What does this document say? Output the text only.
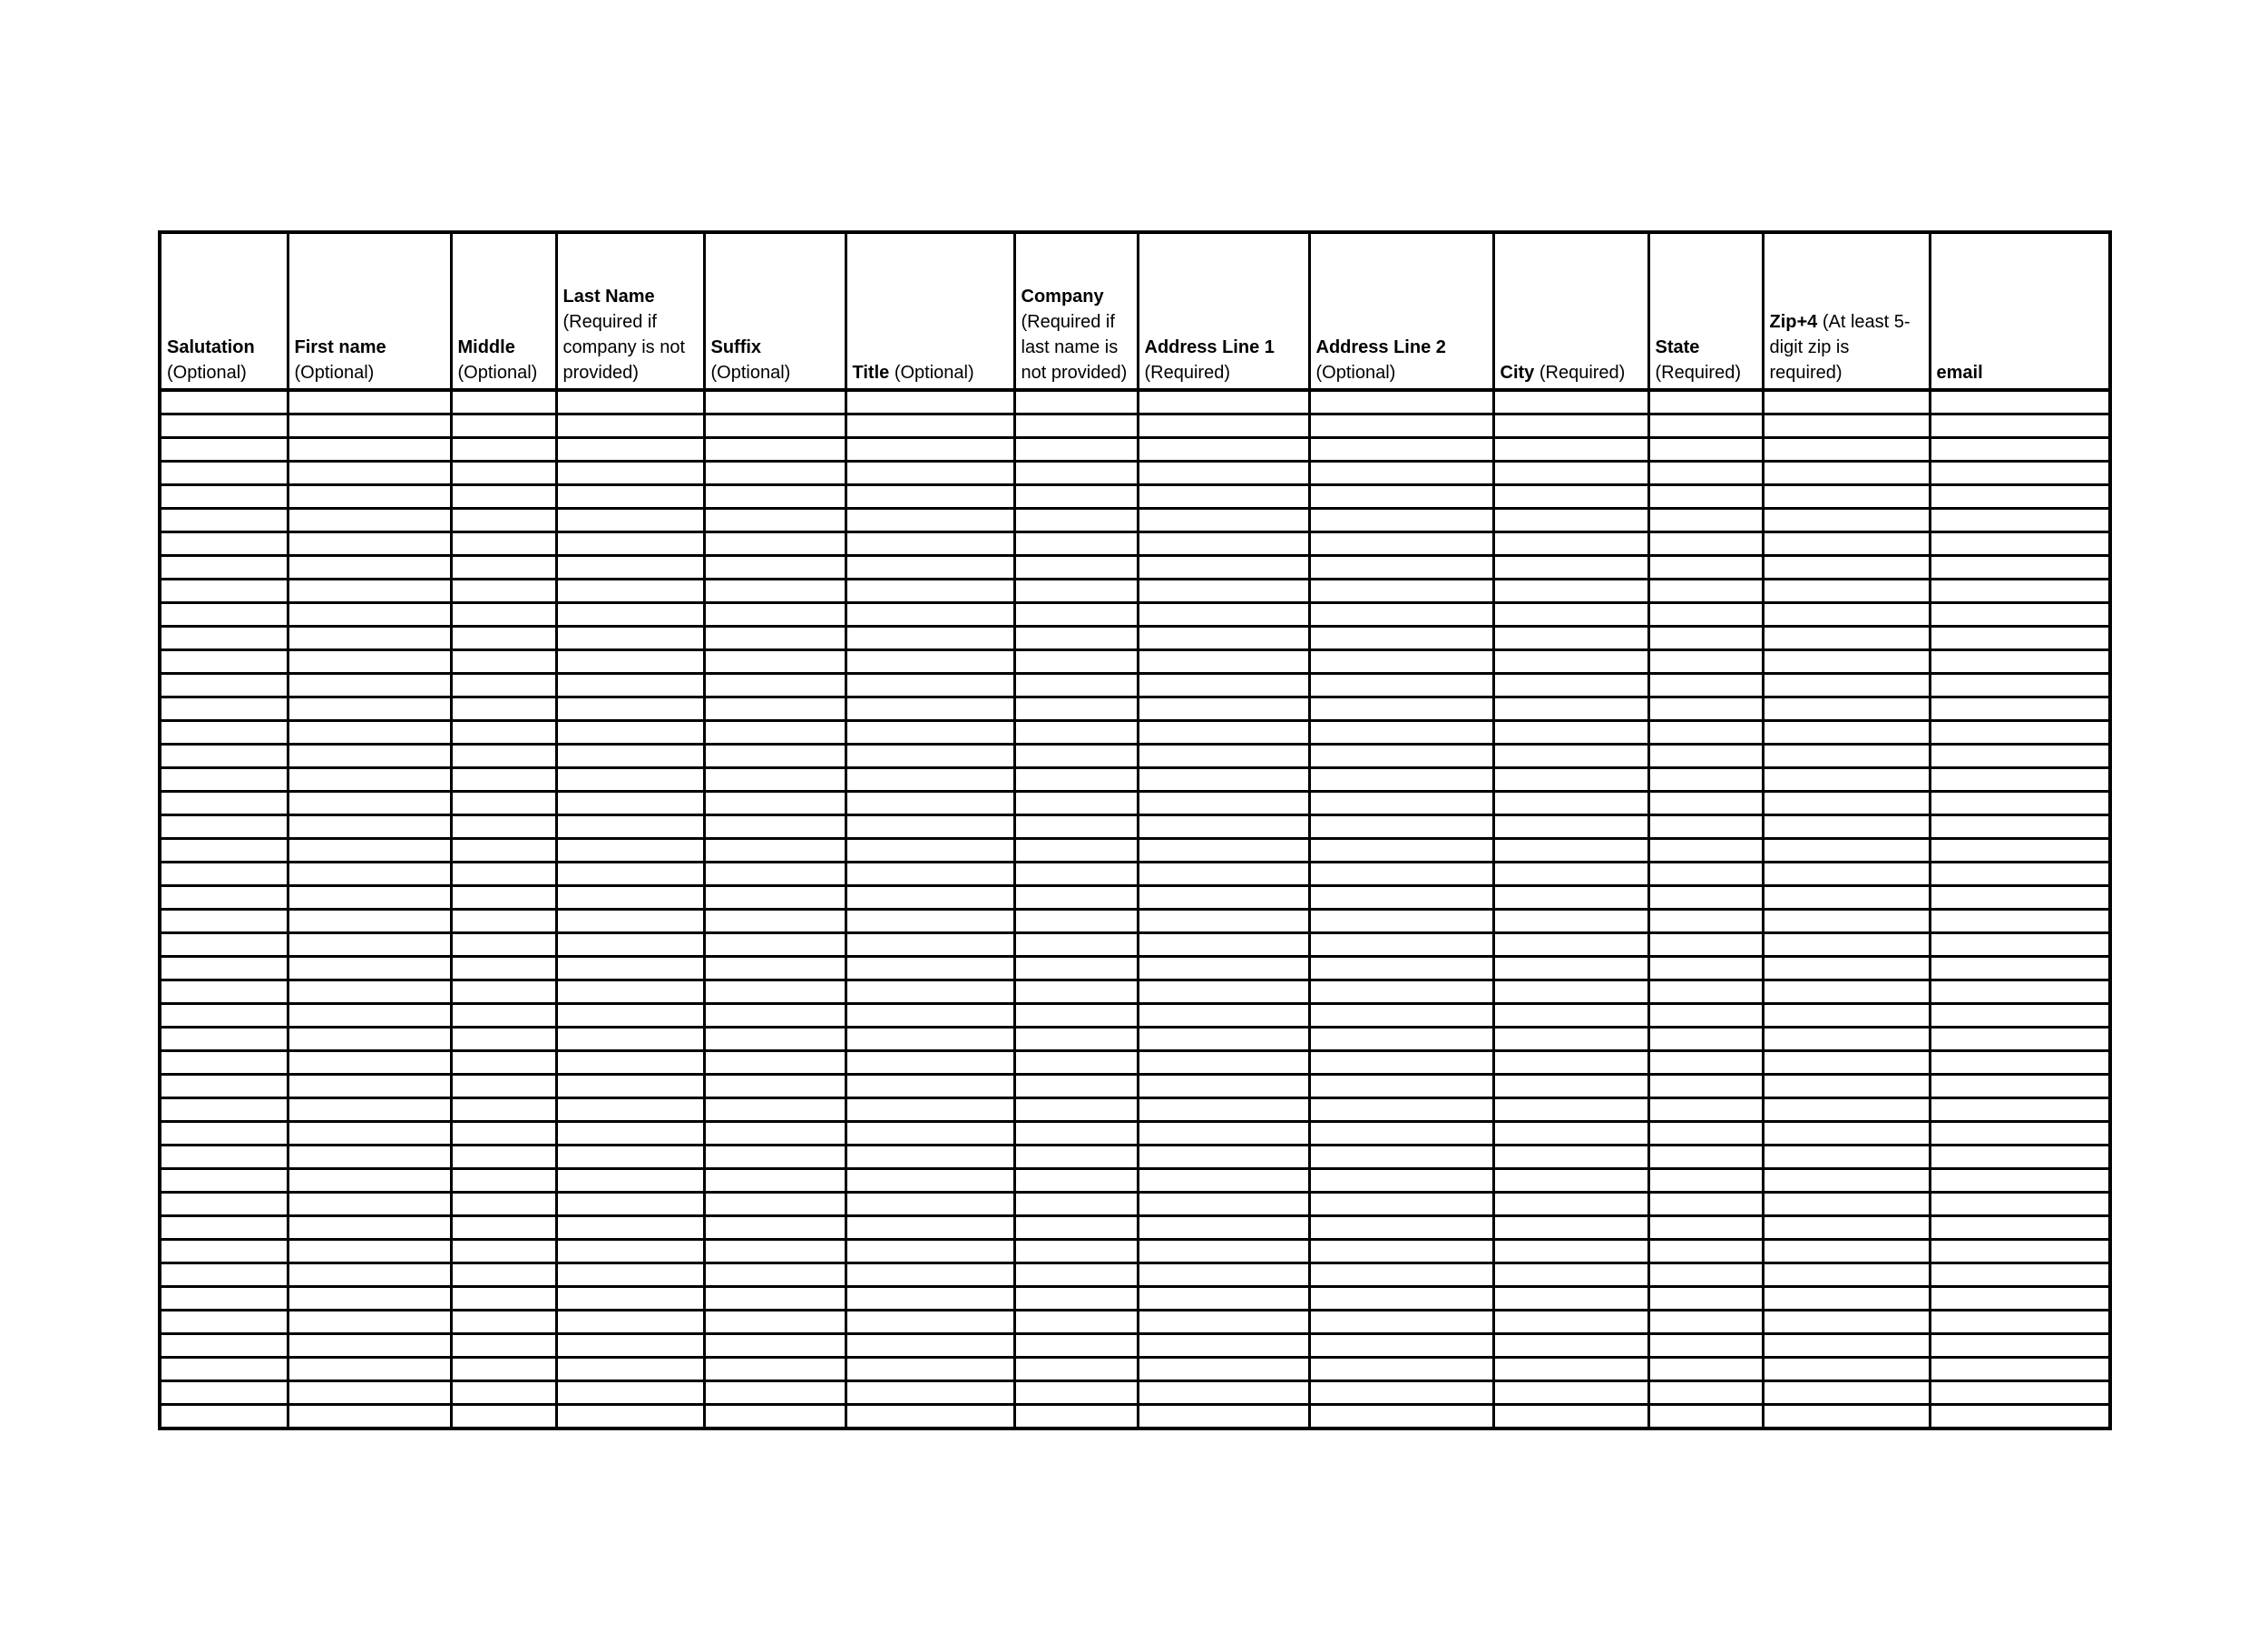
Salutation (Optional)	First name (Optional)	Middle (Optional)	Last Name (Required if company is not provided)	Suffix (Optional)	Title (Optional)	Company (Required if last name is not provided)	Address Line 1 (Required)	Address Line 2 (Optional)	City (Required)	State (Required)	Zip+4 (At least 5-digit zip is required)	email
